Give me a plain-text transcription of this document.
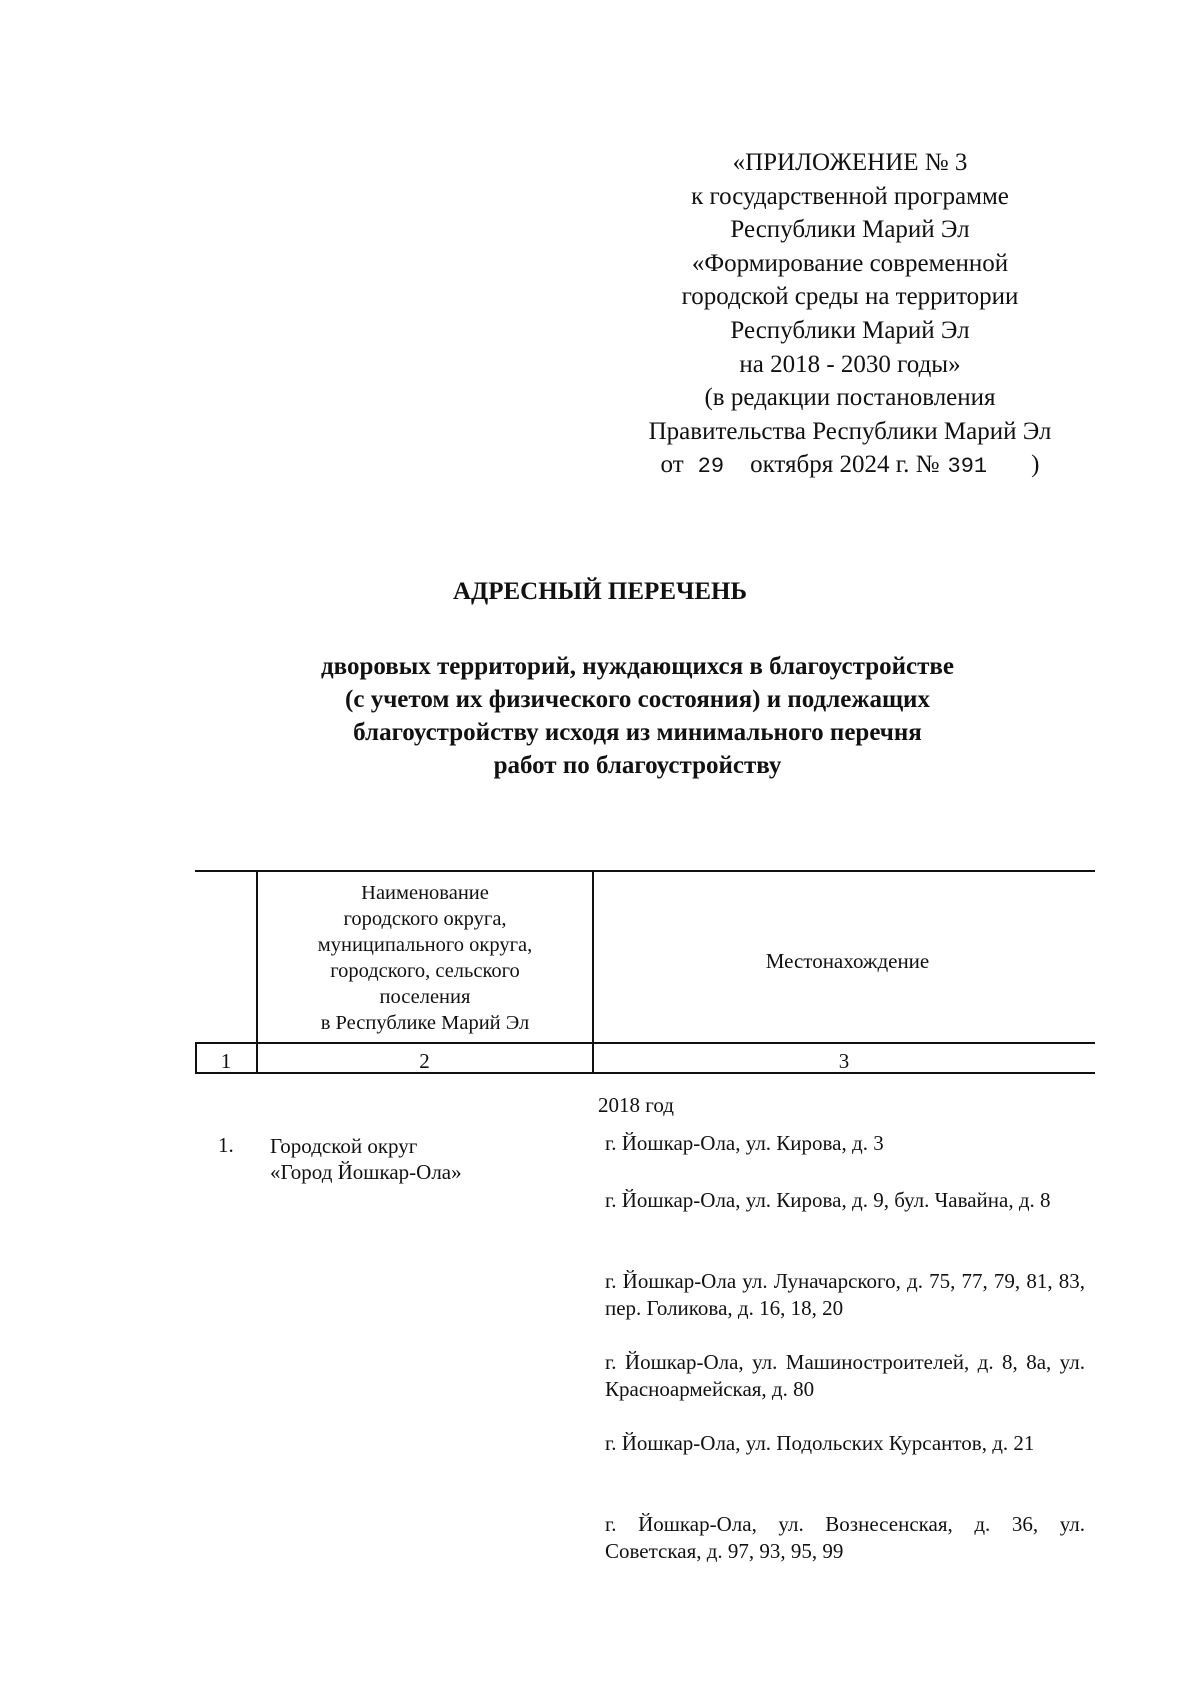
«ПРИЛОЖЕНИЕ № 3
к государственной программе
Республики Марий Эл
«Формирование современной
городской среды на территории
Республики Марий Эл
на 2018 - 2030 годы»
(в редакции постановления
Правительства Республики Марий Эл
от 29 октября 2024 г. № 391 )
АДРЕСНЫЙ ПЕРЕЧЕНЬ
дворовых территорий, нуждающихся в благоустройстве
(с учетом их физического состояния) и подлежащих
благоустройству исходя из минимального перечня
работ по благоустройству
Наименование
городского округа,
муниципального округа,
городского, сельского
поселения
в Республике Марий Эл
Местонахождение
1	2	3
2018 год
1. Городской округ
«Город Йошкар-Ола»
г. Йошкар-Ола, ул. Кирова, д. 3
г. Йошкар-Ола, ул. Кирова, д. 9, бул. Чавайна, д. 8
г. Йошкар-Ола ул. Луначарского, д. 75, 77, 79, 81, 83, пер. Голикова, д. 16, 18, 20
г. Йошкар-Ола, ул. Машиностроителей, д. 8, 8а, ул. Красноармейская, д. 80
г. Йошкар-Ола, ул. Подольских Курсантов, д. 21
г. Йошкар-Ола, ул. Вознесенская, д. 36, ул. Советская, д. 97, 93, 95, 99
